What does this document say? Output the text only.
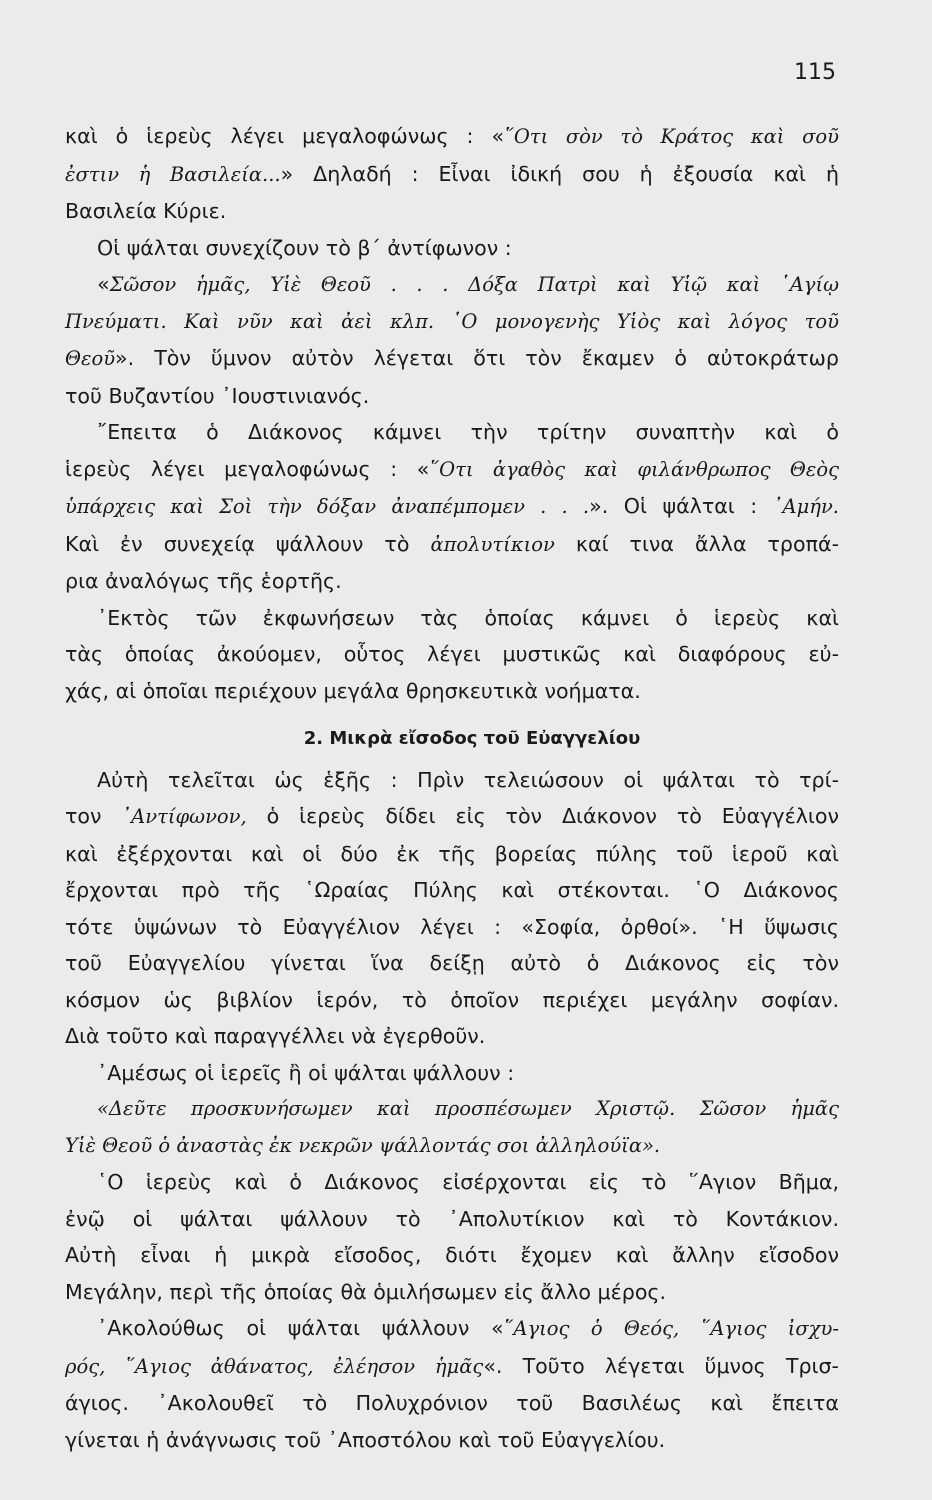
115
καὶ ὁ ἱερεὺς λέγει μεγαλοφώνως : «῞Οτι σὸν τὸ Κράτος καὶ σοῦ
ἐστιν ἡ Βασιλεία...» Δηλαδή : Εἶναι ἰδική σου ἡ ἐξουσία καὶ ἡ
Βασιλεία Κύριε.
Οἱ ψάλται συνεχίζουν τὸ β΄ ἀντίφωνον :
«Σῶσον ἡμᾶς, Υἱὲ Θεοῦ . . . Δόξα Πατρὶ καὶ Υἱῷ καὶ ῾Αγίῳ
Πνεύματι. Καὶ νῦν καὶ ἀεὶ κλπ. ῾Ο μονογενὴς Υἱὸς καὶ λόγος τοῦ
Θεοῦ». Τὸν ὕμνον αὐτὸν λέγεται ὅτι τὸν ἔκαμεν ὁ αὐτοκράτωρ
τοῦ Βυζαντίου ᾿Ιουστινιανός.
῎Επειτα ὁ Διάκονος κάμνει τὴν τρίτην συναπτὴν καὶ ὁ
ἱερεὺς λέγει μεγαλοφώνως : «῞Οτι ἀγαθὸς καὶ φιλάνθρωπος Θεὸς
ὑπάρχεις καὶ Σοὶ τὴν δόξαν ἀναπέμπομεν . . .». Οἱ ψάλται : ᾿Αμήν.
Καὶ ἐν συνεχείᾳ ψάλλουν τὸ ἀπολυτίκιον καί τινα ἄλλα τροπά-
ρια ἀναλόγως τῆς ἑορτῆς.
᾿Εκτὸς τῶν ἐκφωνήσεων τὰς ὁποίας κάμνει ὁ ἱερεὺς καὶ
τὰς ὁποίας ἀκούομεν, οὗτος λέγει μυστικῶς καὶ διαφόρους εὐ-
χάς, αἱ ὁποῖαι περιέχουν μεγάλα θρησκευτικὰ νοήματα.
2. Μικρὰ εἴσοδος τοῦ Εὐαγγελίου
Αὐτὴ τελεῖται ὡς ἑξῆς : Πρὶν τελειώσουν οἱ ψάλται τὸ τρί-
τον ᾿Αντίφωνον, ὁ ἱερεὺς δίδει εἰς τὸν Διάκονον τὸ Εὐαγγέλιον
καὶ ἐξέρχονται καὶ οἱ δύο ἐκ τῆς βορείας πύλης τοῦ ἱεροῦ καὶ
ἔρχονται πρὸ τῆς ῾Ωραίας Πύλης καὶ στέκονται. ῾Ο Διάκονος
τότε ὑψώνων τὸ Εὐαγγέλιον λέγει : «Σοφία, ὀρθοί». ῾Η ὕψωσις
τοῦ Εὐαγγελίου γίνεται ἵνα δείξῃ αὐτὸ ὁ Διάκονος εἰς τὸν
κόσμον ὡς βιβλίον ἱερόν, τὸ ὁποῖον περιέχει μεγάλην σοφίαν.
Διὰ τοῦτο καὶ παραγγέλλει νὰ ἐγερθοῦν.
᾿Αμέσως οἱ ἱερεῖς ἢ οἱ ψάλται ψάλλουν :
«Δεῦτε προσκυνήσωμεν καὶ προσπέσωμεν Χριστῷ. Σῶσον ἡμᾶς
Υἱὲ Θεοῦ ὁ ἀναστὰς ἐκ νεκρῶν ψάλλοντάς σοι ἀλληλούϊα».
῾Ο ἱερεὺς καὶ ὁ Διάκονος εἰσέρχονται εἰς τὸ ῞Αγιον Βῆμα,
ἐνῷ οἱ ψάλται ψάλλουν τὸ ᾿Απολυτίκιον καὶ τὸ Κοντάκιον.
Αὐτὴ εἶναι ἡ μικρὰ εἴσοδος, διότι ἔχομεν καὶ ἄλλην εἴσοδον
Μεγάλην, περὶ τῆς ὁποίας θὰ ὁμιλήσωμεν εἰς ἄλλο μέρος.
᾿Ακολούθως οἱ ψάλται ψάλλουν «῞Αγιος ὁ Θεός, ῞Αγιος ἰσχυ-
ρός, ῞Αγιος ἀθάνατος, ἐλέησον ἡμᾶς«. Τοῦτο λέγεται ὕμνος Τρισ-
άγιος. ᾿Ακολουθεῖ τὸ Πολυχρόνιον τοῦ Βασιλέως καὶ ἔπειτα
γίνεται ἡ ἀνάγνωσις τοῦ ᾿Αποστόλου καὶ τοῦ Εὐαγγελίου.
